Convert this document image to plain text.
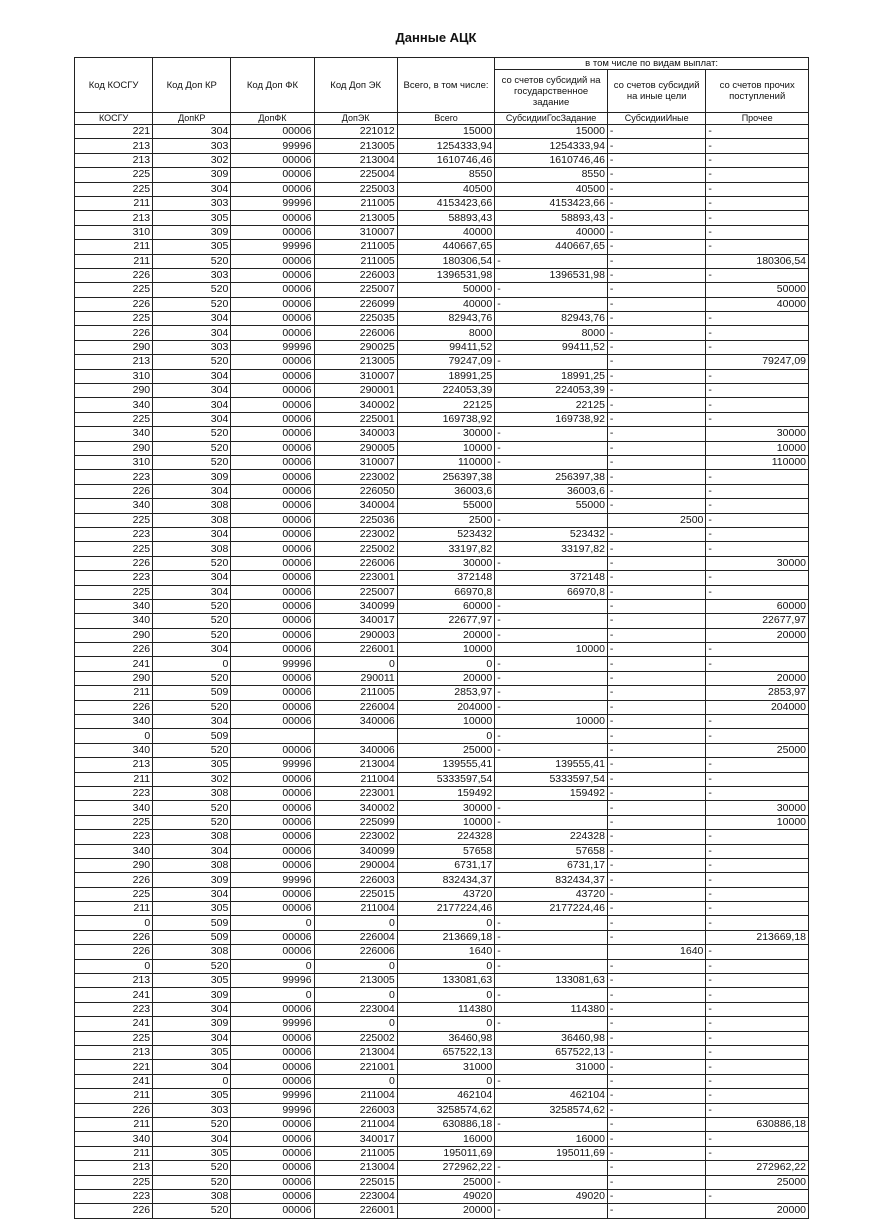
Данные АЦК
Код КОСГУ	Код Доп КР	Код Доп ФК	Код Доп ЭК	Всего, в том числе:	в том числе по видам выплат:		
					со счетов субсидий на государственное задание	со счетов субсидий на иные цели	со счетов прочих поступлений
КОСГУ	ДопКР	ДопФК	ДопЭК	Всего	СубсидииГосЗадание	СубсидииИные	Прочее
221	304	00006	221012	15000	15000	-	-
213	303	99996	213005	1254333,94	1254333,94	-	-
213	302	00006	213004	1610746,46	1610746,46	-	-
225	309	00006	225004	8550	8550	-	-
225	304	00006	225003	40500	40500	-	-
211	303	99996	211005	4153423,66	4153423,66	-	-
213	305	00006	213005	58893,43	58893,43	-	-
310	309	00006	310007	40000	40000	-	-
211	305	99996	211005	440667,65	440667,65	-	-
211	520	00006	211005	180306,54	-	-	180306,54
226	303	00006	226003	1396531,98	1396531,98	-	-
225	520	00006	225007	50000	-	-	50000
226	520	00006	226099	40000	-	-	40000
225	304	00006	225035	82943,76	82943,76	-	-
226	304	00006	226006	8000	8000	-	-
290	303	99996	290025	99411,52	99411,52	-	-
213	520	00006	213005	79247,09	-	-	79247,09
310	304	00006	310007	18991,25	18991,25	-	-
290	304	00006	290001	224053,39	224053,39	-	-
340	304	00006	340002	22125	22125	-	-
225	304	00006	225001	169738,92	169738,92	-	-
340	520	00006	340003	30000	-	-	30000
290	520	00006	290005	10000	-	-	10000
310	520	00006	310007	110000	-	-	110000
223	309	00006	223002	256397,38	256397,38	-	-
226	304	00006	226050	36003,6	36003,6	-	-
340	308	00006	340004	55000	55000	-	-
225	308	00006	225036	2500	-	2500	-
223	304	00006	223002	523432	523432	-	-
225	308	00006	225002	33197,82	33197,82	-	-
226	520	00006	226006	30000	-	-	30000
223	304	00006	223001	372148	372148	-	-
225	304	00006	225007	66970,8	66970,8	-	-
340	520	00006	340099	60000	-	-	60000
340	520	00006	340017	22677,97	-	-	22677,97
290	520	00006	290003	20000	-	-	20000
226	304	00006	226001	10000	10000	-	-
241	0	99996	0	0	-	-	-
290	520	00006	290011	20000	-	-	20000
211	509	00006	211005	2853,97	-	-	2853,97
226	520	00006	226004	204000	-	-	204000
340	304	00006	340006	10000	10000	-	-
0	509			0	-	-	-
340	520	00006	340006	25000	-	-	25000
213	305	99996	213004	139555,41	139555,41	-	-
211	302	00006	211004	5333597,54	5333597,54	-	-
223	308	00006	223001	159492	159492	-	-
340	520	00006	340002	30000	-	-	30000
225	520	00006	225099	10000	-	-	10000
223	308	00006	223002	224328	224328	-	-
340	304	00006	340099	57658	57658	-	-
290	308	00006	290004	6731,17	6731,17	-	-
226	309	99996	226003	832434,37	832434,37	-	-
225	304	00006	225015	43720	43720	-	-
211	305	00006	211004	2177224,46	2177224,46	-	-
0	509	0	0	0	-	-	-
226	509	00006	226004	213669,18	-	-	213669,18
226	308	00006	226006	1640	-	1640	-
0	520	0	0	0	-	-	-
213	305	99996	213005	133081,63	133081,63	-	-
241	309	0	0	0	-	-	-
223	304	00006	223004	114380	114380	-	-
241	309	99996	0	0	-	-	-
225	304	00006	225002	36460,98	36460,98	-	-
213	305	00006	213004	657522,13	657522,13	-	-
221	304	00006	221001	31000	31000	-	-
241	0	00006	0	0	-	-	-
211	305	99996	211004	462104	462104	-	-
226	303	99996	226003	3258574,62	3258574,62	-	-
211	520	00006	211004	630886,18	-	-	630886,18
340	304	00006	340017	16000	16000	-	-
211	305	00006	211005	195011,69	195011,69	-	-
213	520	00006	213004	272962,22	-	-	272962,22
225	520	00006	225015	25000	-	-	25000
223	308	00006	223004	49020	49020	-	-
226	520	00006	226001	20000	-	-	20000
